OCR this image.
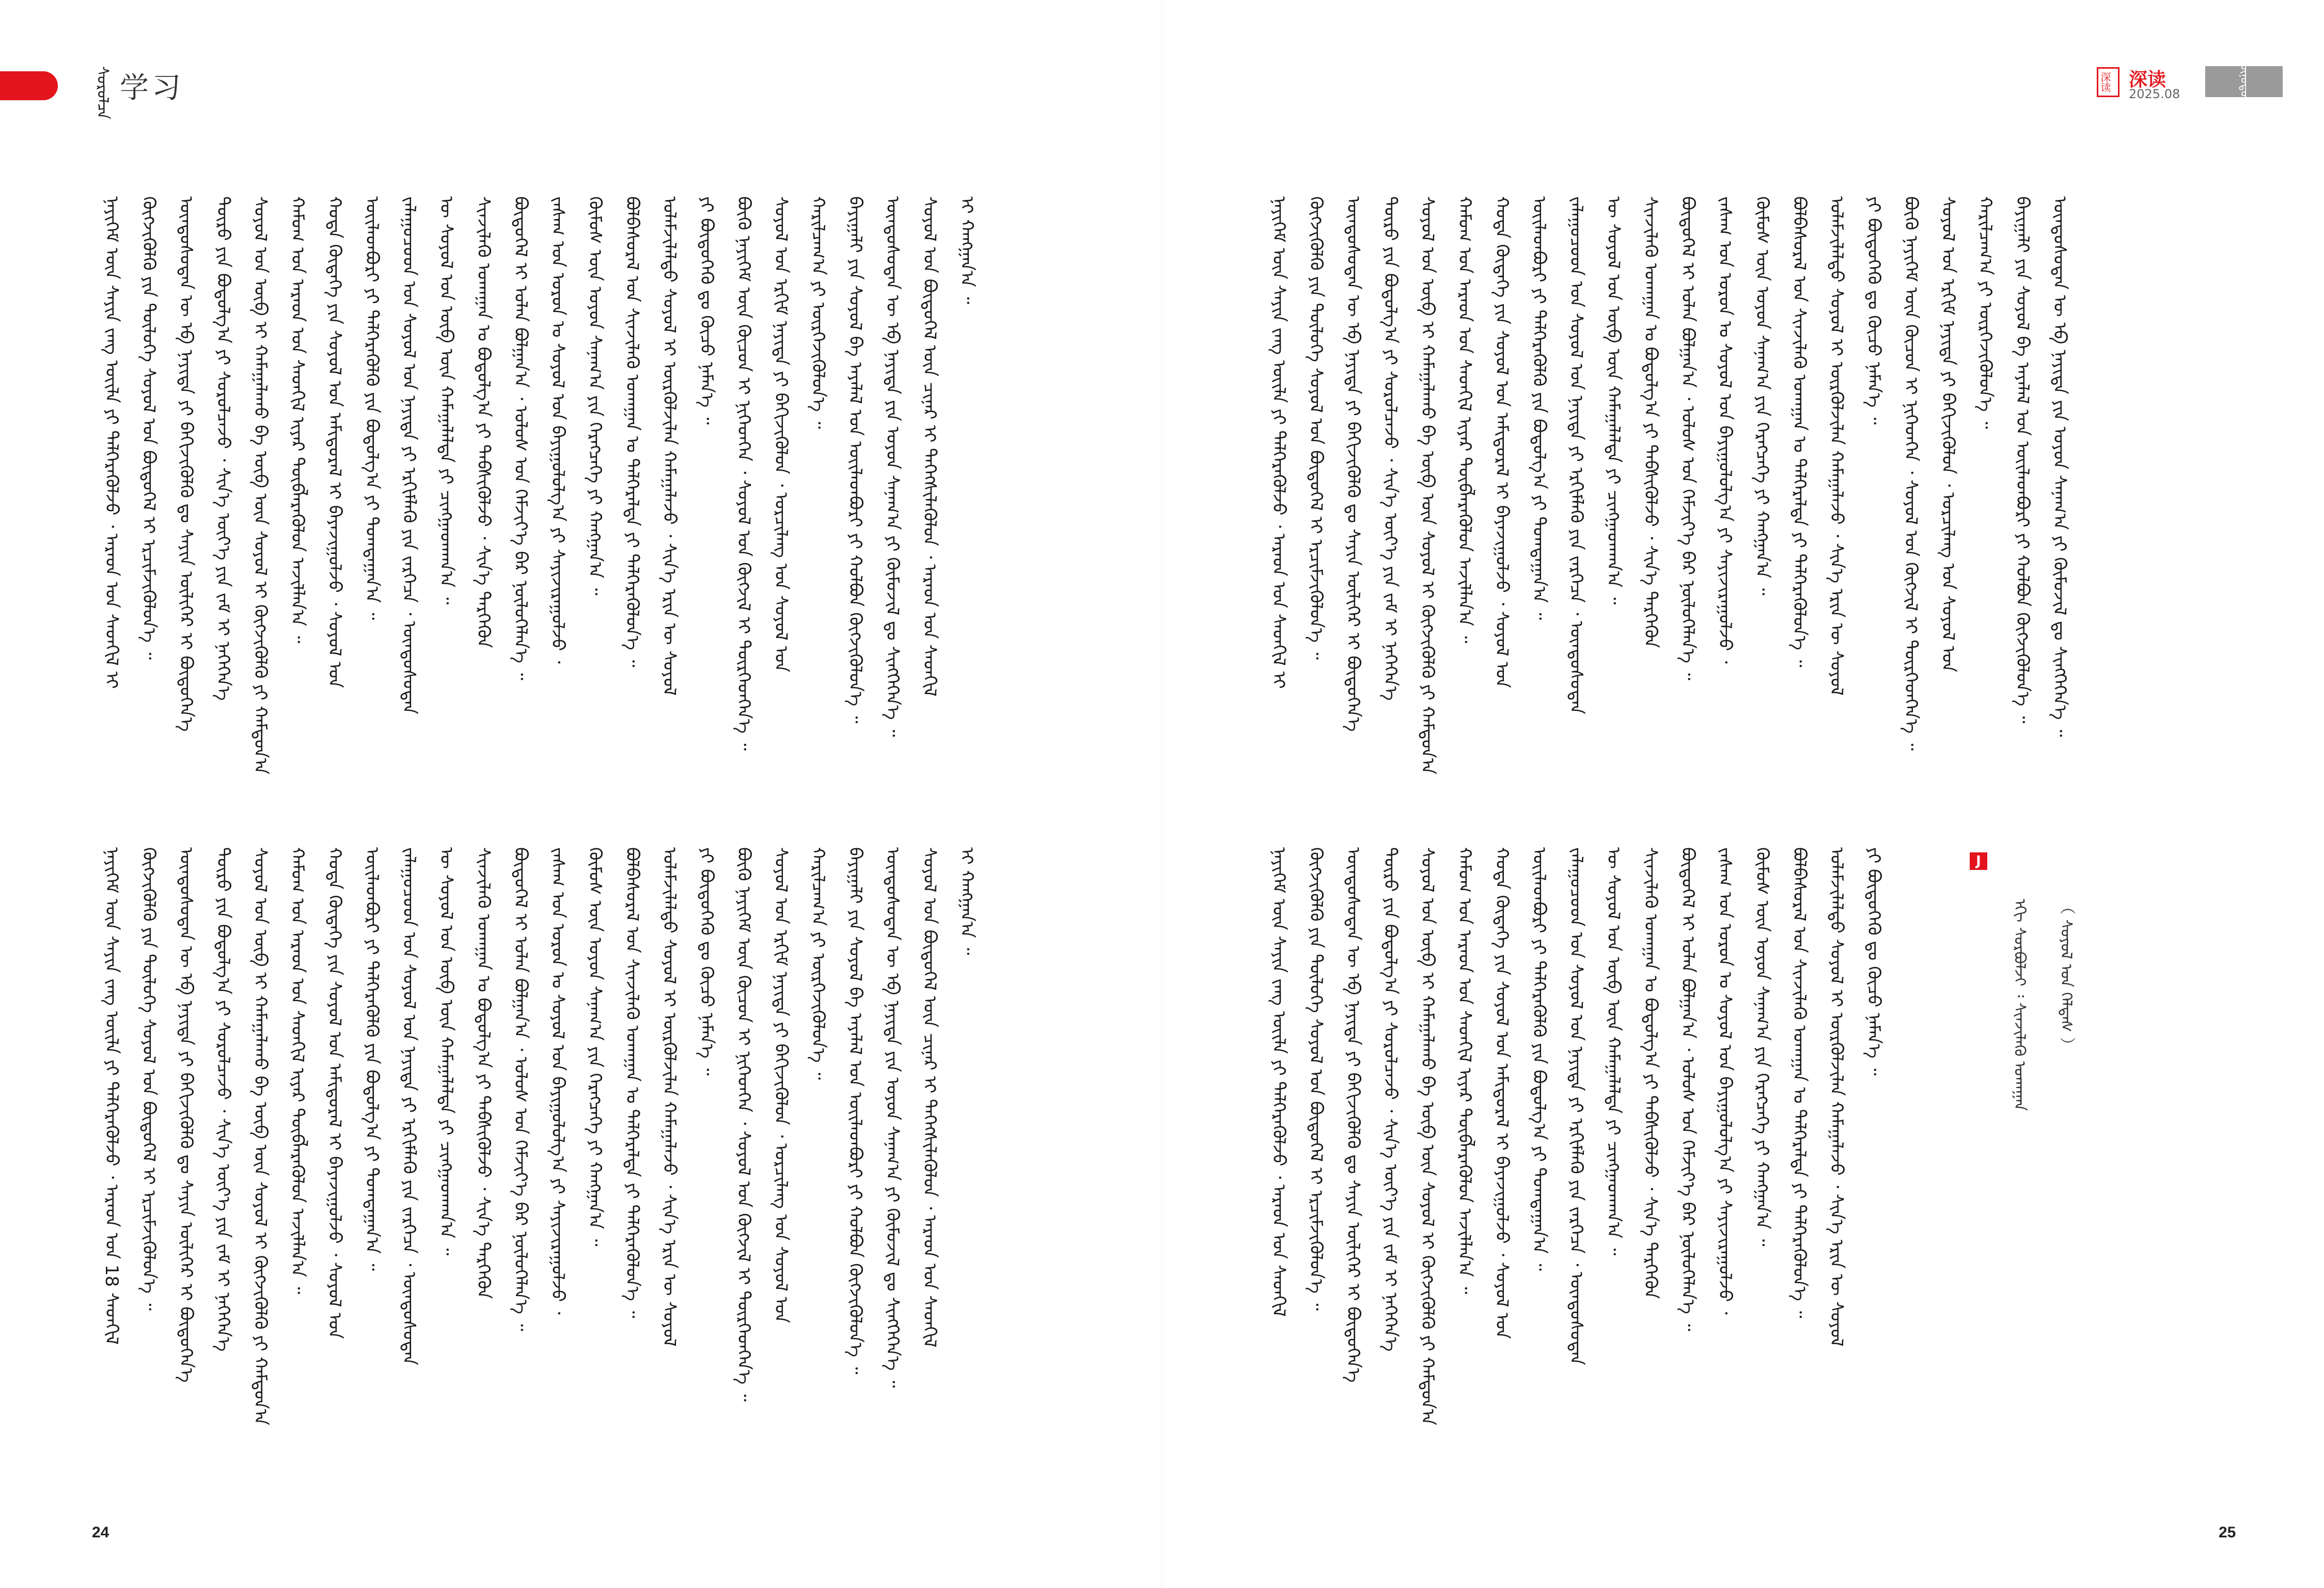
ᠰᠤᠷᠤᠯᠴᠠ 学习	深读 深读
2025.08	ᠥᠨᠥᠳᠥᠷ
ᠨᠡᠶᠢᠭᠡᠮ ᠦᠨ ᠰᠠᠶᠢᠨ ᠵᠠᠩ ᠦᠢᠯᠡ ᠶᠢ ᠳᠡᠯᠭᠡᠷᠡᠭᠦᠯᠵᠦ ᠂ ᠠᠷᠠᠳ ᠤᠨ ᠰᠡᠳᠬᠢᠯ ᠢ ᠬᠥᠭᠵᠢᠭᠦᠯᠬᠦ ᠶᠢᠨ ᠲᠥᠯᠥᠭᠡ ᠰᠣᠶᠣᠯ ᠤᠨ ᠪᠦᠲᠦᠭᠡᠯ ᠢ ᠡᠷᠴᠢᠮᠵᠢᠭᠦᠯᠦᠨ᠎ᠡ ᠃ ᠦᠨᠳᠦᠰᠦᠲᠡᠨ ᠦ ᠡᠪ ᠨᠡᠶᠢᠲᠡ ᠶᠢ ᠪᠡᠬᠢᠵᠢᠭᠦᠯᠬᠦ ᠳᠤ ᠰᠠᠶᠢᠨ ᠦᠯᠢᠭᠡᠷ ᠢ ᠪᠦᠲᠦᠭᠡᠨ᠎ᠡ ᠲᠥᠷᠥ ᠶᠢᠨ ᠪᠣᠳᠤᠯᠭ᠎ᠠ ᠶᠢ ᠰᠤᠷᠤᠯᠴᠠᠵᠤ ᠂ ᠰᠢᠨ᠎ᠡ ᠦᠶ᠎ᠡ ᠶᠢᠨ ᠵᠠᠮ ᠢ ᠨᠡᠭᠡᠭᠡᠨ᠎ᠡ ᠰᠣᠶᠣᠯ ᠤᠨ ᠥᠪ ᠢ ᠬᠠᠮᠠᠭᠠᠯᠠᠬᠤ ᠪᠠ ᠥᠪ ᠦᠨ ᠰᠣᠶᠣᠯ ᠢ ᠬᠥᠭᠵᠢᠭᠦᠯᠬᠦ ᠶᠢ ᠬᠠᠮᠳᠤᠨ᠎ᠠ ᠬᠠᠮᠤᠭ ᠤᠨ ᠠᠷᠠᠳ ᠤᠨ ᠰᠡᠳᠬᠢᠯ ᠢᠶᠡᠷ ᠲᠥᠪᠯᠡᠷᠡᠭᠦᠯᠦᠨ ᠠᠵᠢᠯᠯᠠᠨ᠎ᠠ ᠃ ᠬᠣᠲᠠ ᠬᠥᠳᠡᠭᠡ ᠶᠢᠨ ᠰᠣᠶᠣᠯ ᠤᠨ ᠠᠮᠢᠳᠤᠷᠠᠯ ᠢ ᠪᠠᠶᠠᠵᠢᠭᠤᠯᠵᠤ ᠂ ᠰᠣᠶᠣᠯ ᠤᠨ ᠦᠢᠯᠡᠳᠪᠦᠷᠢ ᠶᠢ ᠲᠡᠯᠭᠡᠷᠡᠭᠦᠯᠬᠦ ᠶᠢᠨ ᠪᠣᠳᠣᠯᠭ᠎ᠠ ᠶᠢ ᠲᠣᠭᠲᠠᠭᠠᠨ᠎ᠠ ᠃ ᠵᠠᠯᠠᠭᠤᠴᠤᠳ ᠤᠨ ᠰᠣᠶᠣᠯ ᠤᠨ ᠨᠡᠶᠢᠲᠡ ᠶᠢ ᠡᠷᠬᠢᠮᠯᠡᠬᠦ ᠶᠢᠨ ᠵᠡᠷᠭᠡᠴᠡ ᠂ ᠦᠨᠳᠦᠰᠦᠲᠡᠨ ᠦ ᠰᠣᠶᠣᠯ ᠤᠨ ᠥᠪ ᠦᠨ ᠬᠠᠮᠠᠭᠠᠯᠠᠯᠲᠠ ᠶᠢ ᠴᠢᠩᠭᠠᠳᠬᠠᠨ᠎ᠠ ᠃ ᠰᠢᠨᠵᠢᠯᠡᠬᠦ ᠤᠬᠠᠭᠠᠨ ᠤ ᠪᠣᠳᠤᠯᠭ᠎ᠠ ᠶᠢ ᠳᠡᠪᠰᠢᠭᠦᠯᠵᠦ ᠂ ᠰᠢᠨ᠎ᠡ ᠲᠡᠷᠭᠡᠭᠦᠨ ᠪᠦᠲᠦᠭᠡᠯ ᠢ ᠣᠯᠠᠨ ᠪᠣᠯᠭᠠᠨ᠎ᠠ ᠂ ᠤᠯᠤᠰ ᠤᠨ ᠬᠡᠮᠵᠢᠶ᠎ᠡ ᠪᠡᠷ ᠨᠥᠯᠥᠭᠡᠯᠡᠨ᠎ᠡ ᠃ ᠵᠠᠰᠠᠭ ᠤᠨ ᠣᠷᠣᠨ ᠤ ᠰᠣᠶᠣᠯ ᠤᠨ ᠪᠠᠶᠢᠭᠤᠯᠤᠯᠭ᠎ᠠ ᠶᠢ ᠰᠠᠶᠢᠵᠢᠷᠠᠭᠤᠯᠵᠤ ᠂ ᠬᠦᠮᠦᠰ ᠦᠨ ᠣᠶᠤᠨ ᠰᠠᠨᠠᠭ᠎ᠠ ᠶᠢᠨ ᠬᠡᠷᠡᠭᠴᠡᠭᠡ ᠶᠢ ᠬᠠᠩᠭᠠᠨ᠎ᠠ ᠃ ᠪᠣᠯᠪᠠᠰᠤᠷᠠᠯ ᠤᠨ ᠰᠢᠨᠵᠢᠯᠡᠬᠦ ᠤᠬᠠᠭᠠᠨ ᠤ ᠳᠡᠯᠭᠡᠷᠡᠯᠲᠡ ᠶᠢ ᠲᠡᠯᠭᠡᠷᠡᠭᠦᠯᠦᠨ᠎ᠡ ᠃ ᠤᠯᠠᠮᠵᠢᠯᠠᠯᠲᠤ ᠰᠣᠶᠣᠯ ᠢ ᠦᠷᠭᠦᠯᠵᠢᠯᠡᠨ ᠬᠠᠮᠠᠭᠠᠯᠠᠵᠤ ᠂ ᠰᠢᠨ᠎ᠡ ᠡᠷᠢᠨ ᠦ ᠰᠣᠶᠣᠯ ᠶᠢ ᠪᠦᠲᠦᠭᠡᠬᠦ ᠳᠤ ᠬᠦᠴᠦ ᠨᠡᠮᠡᠨ᠎ᠡ ᠃ ᠪᠦᠬᠦ ᠨᠡᠶᠢᠭᠡᠮ ᠦᠨ ᠬᠦᠴᠦᠨ ᠢ ᠨᠢᠭᠡᠳᠬᠡᠨ ᠂ ᠰᠣᠶᠣᠯ ᠤᠨ ᠬᠥᠭᠵᠢᠯ ᠢ ᠲᠦᠷᠭᠡᠳᠬᠡᠨ᠎ᠡ ᠃ ᠰᠣᠶᠣᠯ ᠤᠨ ᠡᠷᠬᠢᠮ ᠨᠡᠶᠢᠲᠡ ᠶᠢ ᠪᠡᠬᠢᠵᠢᠭᠦᠯᠦᠨ ᠂ ᠣᠷᠴᠢᠯᠠᠩ ᠤᠨ ᠰᠣᠶᠣᠯ ᠤᠨ ᠬᠠᠷᠢᠯᠴᠠᠭ᠎ᠠ ᠶᠢ ᠥᠷᠭᠡᠵᠢᠭᠦᠯᠦᠨ᠎ᠡ ᠃ ᠪᠠᠶᠢᠭᠠᠯᠢ ᠶᠢᠨ ᠰᠣᠶᠣᠯ ᠪᠠ ᠠᠶᠠᠯᠠᠯ ᠤᠨ ᠦᠢᠯᠡᠳᠪᠦᠷᠢ ᠶᠢ ᠬᠣᠯᠪᠣᠨ ᠬᠥᠭᠵᠢᠭᠦᠯᠦᠨ᠎ᠡ ᠃ ᠦᠨᠳᠦᠰᠦᠲᠡᠨ ᠦ ᠡᠪ ᠨᠡᠶᠢᠲᠡ ᠶᠢᠨ ᠣᠶᠤᠨ ᠰᠠᠨᠠᠭ᠎ᠠ ᠶᠢ ᠬᠦᠮᠦᠵᠢᠯ ᠳᠤ ᠰᠢᠩᠭᠡᠭᠡᠨ᠎ᠡ ᠃ ᠰᠣᠶᠣᠯ ᠤᠨ ᠪᠦᠲᠦᠭᠡᠯ ᠦᠨ ᠴᠢᠨᠠᠷ ᠢ ᠳᠡᠭᠡᠭᠰᠢᠯᠡᠭᠦᠯᠦᠨ ᠂ ᠠᠷᠠᠳ ᠤᠨ ᠰᠡᠳᠬᠢᠯ ᠢ ᠬᠠᠩᠭᠠᠨ᠎ᠠ ᠃
ᠨᠡᠶᠢᠭᠡᠮ ᠦᠨ ᠰᠠᠶᠢᠨ ᠵᠠᠩ ᠦᠢᠯᠡ ᠶᠢ ᠳᠡᠯᠭᠡᠷᠡᠭᠦᠯᠵᠦ ᠂ ᠠᠷᠠᠳ ᠤᠨ 18 ᠰᠡᠳᠬᠢᠯ ᠬᠥᠭᠵᠢᠭᠦᠯᠬᠦ ᠶᠢᠨ ᠲᠥᠯᠥᠭᠡ ᠰᠣᠶᠣᠯ ᠤᠨ ᠪᠦᠲᠦᠭᠡᠯ ᠢ ᠡᠷᠴᠢᠮᠵᠢᠭᠦᠯᠦᠨ᠎ᠡ ᠃ ᠦᠨᠳᠦᠰᠦᠲᠡᠨ ᠦ ᠡᠪ ᠨᠡᠶᠢᠲᠡ ᠶᠢ ᠪᠡᠬᠢᠵᠢᠭᠦᠯᠬᠦ ᠳᠤ ᠰᠠᠶᠢᠨ ᠦᠯᠢᠭᠡᠷ ᠢ ᠪᠦᠲᠦᠭᠡᠨ᠎ᠡ ᠲᠥᠷᠥ ᠶᠢᠨ ᠪᠣᠳᠤᠯᠭ᠎ᠠ ᠶᠢ ᠰᠤᠷᠤᠯᠴᠠᠵᠤ ᠂ ᠰᠢᠨ᠎ᠡ ᠦᠶ᠎ᠡ ᠶᠢᠨ ᠵᠠᠮ ᠢ ᠨᠡᠭᠡᠭᠡᠨ᠎ᠡ ᠰᠣᠶᠣᠯ ᠤᠨ ᠥᠪ ᠢ ᠬᠠᠮᠠᠭᠠᠯᠠᠬᠤ ᠪᠠ ᠥᠪ ᠦᠨ ᠰᠣᠶᠣᠯ ᠢ ᠬᠥᠭᠵᠢᠭᠦᠯᠬᠦ ᠶᠢ ᠬᠠᠮᠳᠤᠨ᠎ᠠ ᠬᠠᠮᠤᠭ ᠤᠨ ᠠᠷᠠᠳ ᠤᠨ ᠰᠡᠳᠬᠢᠯ ᠢᠶᠡᠷ ᠲᠥᠪᠯᠡᠷᠡᠭᠦᠯᠦᠨ ᠠᠵᠢᠯᠯᠠᠨ᠎ᠠ ᠃ ᠬᠣᠲᠠ ᠬᠥᠳᠡᠭᠡ ᠶᠢᠨ ᠰᠣᠶᠣᠯ ᠤᠨ ᠠᠮᠢᠳᠤᠷᠠᠯ ᠢ ᠪᠠᠶᠠᠵᠢᠭᠤᠯᠵᠤ ᠂ ᠰᠣᠶᠣᠯ ᠤᠨ ᠦᠢᠯᠡᠳᠪᠦᠷᠢ ᠶᠢ ᠲᠡᠯᠭᠡᠷᠡᠭᠦᠯᠬᠦ ᠶᠢᠨ ᠪᠣᠳᠣᠯᠭ᠎ᠠ ᠶᠢ ᠲᠣᠭᠲᠠᠭᠠᠨ᠎ᠠ ᠃ ᠵᠠᠯᠠᠭᠤᠴᠤᠳ ᠤᠨ ᠰᠣᠶᠣᠯ ᠤᠨ ᠨᠡᠶᠢᠲᠡ ᠶᠢ ᠡᠷᠬᠢᠮᠯᠡᠬᠦ ᠶᠢᠨ ᠵᠡᠷᠭᠡᠴᠡ ᠂ ᠦᠨᠳᠦᠰᠦᠲᠡᠨ ᠦ ᠰᠣᠶᠣᠯ ᠤᠨ ᠥᠪ ᠦᠨ ᠬᠠᠮᠠᠭᠠᠯᠠᠯᠲᠠ ᠶᠢ ᠴᠢᠩᠭᠠᠳᠬᠠᠨ᠎ᠠ ᠃ ᠰᠢᠨᠵᠢᠯᠡᠬᠦ ᠤᠬᠠᠭᠠᠨ ᠤ ᠪᠣᠳᠤᠯᠭ᠎ᠠ ᠶᠢ ᠳᠡᠪᠰᠢᠭᠦᠯᠵᠦ ᠂ ᠰᠢᠨ᠎ᠡ ᠲᠡᠷᠭᠡᠭᠦᠨ ᠪᠦᠲᠦᠭᠡᠯ ᠢ ᠣᠯᠠᠨ ᠪᠣᠯᠭᠠᠨ᠎ᠠ ᠂ ᠤᠯᠤᠰ ᠤᠨ ᠬᠡᠮᠵᠢᠶ᠎ᠡ ᠪᠡᠷ ᠨᠥᠯᠥᠭᠡᠯᠡᠨ᠎ᠡ ᠃ ᠵᠠᠰᠠᠭ ᠤᠨ ᠣᠷᠣᠨ ᠤ ᠰᠣᠶᠣᠯ ᠤᠨ ᠪᠠᠶᠢᠭᠤᠯᠤᠯᠭ᠎ᠠ ᠶᠢ ᠰᠠᠶᠢᠵᠢᠷᠠᠭᠤᠯᠵᠤ ᠂ ᠬᠦᠮᠦᠰ ᠦᠨ ᠣᠶᠤᠨ ᠰᠠᠨᠠᠭ᠎ᠠ ᠶᠢᠨ ᠬᠡᠷᠡᠭᠴᠡᠭᠡ ᠶᠢ ᠬᠠᠩᠭᠠᠨ᠎ᠠ ᠃ ᠪᠣᠯᠪᠠᠰᠤᠷᠠᠯ ᠤᠨ ᠰᠢᠨᠵᠢᠯᠡᠬᠦ ᠤᠬᠠᠭᠠᠨ ᠤ ᠳᠡᠯᠭᠡᠷᠡᠯᠲᠡ ᠶᠢ ᠲᠡᠯᠭᠡᠷᠡᠭᠦᠯᠦᠨ᠎ᠡ ᠃ ᠤᠯᠠᠮᠵᠢᠯᠠᠯᠲᠤ ᠰᠣᠶᠣᠯ ᠢ ᠦᠷᠭᠦᠯᠵᠢᠯᠡᠨ ᠬᠠᠮᠠᠭᠠᠯᠠᠵᠤ ᠂ ᠰᠢᠨ᠎ᠡ ᠡᠷᠢᠨ ᠦ ᠰᠣᠶᠣᠯ ᠶᠢ ᠪᠦᠲᠦᠭᠡᠬᠦ ᠳᠤ ᠬᠦᠴᠦ ᠨᠡᠮᠡᠨ᠎ᠡ ᠃ ᠪᠦᠬᠦ ᠨᠡᠶᠢᠭᠡᠮ ᠦᠨ ᠬᠦᠴᠦᠨ ᠢ ᠨᠢᠭᠡᠳᠬᠡᠨ ᠂ ᠰᠣᠶᠣᠯ ᠤᠨ ᠬᠥᠭᠵᠢᠯ ᠢ ᠲᠦᠷᠭᠡᠳᠬᠡᠨ᠎ᠡ ᠃ ᠰᠣᠶᠣᠯ ᠤᠨ ᠡᠷᠬᠢᠮ ᠨᠡᠶᠢᠲᠡ ᠶᠢ ᠪᠡᠬᠢᠵᠢᠭᠦᠯᠦᠨ ᠂ ᠣᠷᠴᠢᠯᠠᠩ ᠤᠨ ᠰᠣᠶᠣᠯ ᠤᠨ ᠬᠠᠷᠢᠯᠴᠠᠭ᠎ᠠ ᠶᠢ ᠥᠷᠭᠡᠵᠢᠭᠦᠯᠦᠨ᠎ᠡ ᠃ ᠪᠠᠶᠢᠭᠠᠯᠢ ᠶᠢᠨ ᠰᠣᠶᠣᠯ ᠪᠠ ᠠᠶᠠᠯᠠᠯ ᠤᠨ ᠦᠢᠯᠡᠳᠪᠦᠷᠢ ᠶᠢ ᠬᠣᠯᠪᠣᠨ ᠬᠥᠭᠵᠢᠭᠦᠯᠦᠨ᠎ᠡ ᠃ ᠦᠨᠳᠦᠰᠦᠲᠡᠨ ᠦ ᠡᠪ ᠨᠡᠶᠢᠲᠡ ᠶᠢᠨ ᠣᠶᠤᠨ ᠰᠠᠨᠠᠭ᠎ᠠ ᠶᠢ ᠬᠦᠮᠦᠵᠢᠯ ᠳᠤ ᠰᠢᠩᠭᠡᠭᠡᠨ᠎ᠡ ᠃ ᠰᠣᠶᠣᠯ ᠤᠨ ᠪᠦᠲᠦᠭᠡᠯ ᠦᠨ ᠴᠢᠨᠠᠷ ᠢ ᠳᠡᠭᠡᠭᠰᠢᠯᠡᠭᠦᠯᠦᠨ ᠂ ᠠᠷᠠᠳ ᠤᠨ ᠰᠡᠳᠬᠢᠯ ᠢ ᠬᠠᠩᠭᠠᠨ᠎ᠠ ᠃
ᠨᠡᠶᠢᠭᠡᠮ ᠦᠨ ᠰᠠᠶᠢᠨ ᠵᠠᠩ ᠦᠢᠯᠡ ᠶᠢ ᠳᠡᠯᠭᠡᠷᠡᠭᠦᠯᠵᠦ ᠂ ᠠᠷᠠᠳ ᠤᠨ ᠰᠡᠳᠬᠢᠯ ᠢ ᠬᠥᠭᠵᠢᠭᠦᠯᠬᠦ ᠶᠢᠨ ᠲᠥᠯᠥᠭᠡ ᠰᠣᠶᠣᠯ ᠤᠨ ᠪᠦᠲᠦᠭᠡᠯ ᠢ ᠡᠷᠴᠢᠮᠵᠢᠭᠦᠯᠦᠨ᠎ᠡ ᠃ ᠦᠨᠳᠦᠰᠦᠲᠡᠨ ᠦ ᠡᠪ ᠨᠡᠶᠢᠲᠡ ᠶᠢ ᠪᠡᠬᠢᠵᠢᠭᠦᠯᠬᠦ ᠳᠤ ᠰᠠᠶᠢᠨ ᠦᠯᠢᠭᠡᠷ ᠢ ᠪᠦᠲᠦᠭᠡᠨ᠎ᠡ ᠲᠥᠷᠥ ᠶᠢᠨ ᠪᠣᠳᠤᠯᠭ᠎ᠠ ᠶᠢ ᠰᠤᠷᠤᠯᠴᠠᠵᠤ ᠂ ᠰᠢᠨ᠎ᠡ ᠦᠶ᠎ᠡ ᠶᠢᠨ ᠵᠠᠮ ᠢ ᠨᠡᠭᠡᠭᠡᠨ᠎ᠡ ᠰᠣᠶᠣᠯ ᠤᠨ ᠥᠪ ᠢ ᠬᠠᠮᠠᠭᠠᠯᠠᠬᠤ ᠪᠠ ᠥᠪ ᠦᠨ ᠰᠣᠶᠣᠯ ᠢ ᠬᠥᠭᠵᠢᠭᠦᠯᠬᠦ ᠶᠢ ᠬᠠᠮᠳᠤᠨ᠎ᠠ ᠬᠠᠮᠤᠭ ᠤᠨ ᠠᠷᠠᠳ ᠤᠨ ᠰᠡᠳᠬᠢᠯ ᠢᠶᠡᠷ ᠲᠥᠪᠯᠡᠷᠡᠭᠦᠯᠦᠨ ᠠᠵᠢᠯᠯᠠᠨ᠎ᠠ ᠃ ᠬᠣᠲᠠ ᠬᠥᠳᠡᠭᠡ ᠶᠢᠨ ᠰᠣᠶᠣᠯ ᠤᠨ ᠠᠮᠢᠳᠤᠷᠠᠯ ᠢ ᠪᠠᠶᠠᠵᠢᠭᠤᠯᠵᠤ ᠂ ᠰᠣᠶᠣᠯ ᠤᠨ ᠦᠢᠯᠡᠳᠪᠦᠷᠢ ᠶᠢ ᠲᠡᠯᠭᠡᠷᠡᠭᠦᠯᠬᠦ ᠶᠢᠨ ᠪᠣᠳᠣᠯᠭ᠎ᠠ ᠶᠢ ᠲᠣᠭᠲᠠᠭᠠᠨ᠎ᠠ ᠃ ᠵᠠᠯᠠᠭᠤᠴᠤᠳ ᠤᠨ ᠰᠣᠶᠣᠯ ᠤᠨ ᠨᠡᠶᠢᠲᠡ ᠶᠢ ᠡᠷᠬᠢᠮᠯᠡᠬᠦ ᠶᠢᠨ ᠵᠡᠷᠭᠡᠴᠡ ᠂ ᠦᠨᠳᠦᠰᠦᠲᠡᠨ ᠦ ᠰᠣᠶᠣᠯ ᠤᠨ ᠥᠪ ᠦᠨ ᠬᠠᠮᠠᠭᠠᠯᠠᠯᠲᠠ ᠶᠢ ᠴᠢᠩᠭᠠᠳᠬᠠᠨ᠎ᠠ ᠃ ᠰᠢᠨᠵᠢᠯᠡᠬᠦ ᠤᠬᠠᠭᠠᠨ ᠤ ᠪᠣᠳᠤᠯᠭ᠎ᠠ ᠶᠢ ᠳᠡᠪᠰᠢᠭᠦᠯᠵᠦ ᠂ ᠰᠢᠨ᠎ᠡ ᠲᠡᠷᠭᠡᠭᠦᠨ ᠪᠦᠲᠦᠭᠡᠯ ᠢ ᠣᠯᠠᠨ ᠪᠣᠯᠭᠠᠨ᠎ᠠ ᠂ ᠤᠯᠤᠰ ᠤᠨ ᠬᠡᠮᠵᠢᠶ᠎ᠡ ᠪᠡᠷ ᠨᠥᠯᠥᠭᠡᠯᠡᠨ᠎ᠡ ᠃ ᠵᠠᠰᠠᠭ ᠤᠨ ᠣᠷᠣᠨ ᠤ ᠰᠣᠶᠣᠯ ᠤᠨ ᠪᠠᠶᠢᠭᠤᠯᠤᠯᠭ᠎ᠠ ᠶᠢ ᠰᠠᠶᠢᠵᠢᠷᠠᠭᠤᠯᠵᠤ ᠂ ᠬᠦᠮᠦᠰ ᠦᠨ ᠣᠶᠤᠨ ᠰᠠᠨᠠᠭ᠎ᠠ ᠶᠢᠨ ᠬᠡᠷᠡᠭᠴᠡᠭᠡ ᠶᠢ ᠬᠠᠩᠭᠠᠨ᠎ᠠ ᠃ ᠪᠣᠯᠪᠠᠰᠤᠷᠠᠯ ᠤᠨ ᠰᠢᠨᠵᠢᠯᠡᠬᠦ ᠤᠬᠠᠭᠠᠨ ᠤ ᠳᠡᠯᠭᠡᠷᠡᠯᠲᠡ ᠶᠢ ᠲᠡᠯᠭᠡᠷᠡᠭᠦᠯᠦᠨ᠎ᠡ ᠃ ᠤᠯᠠᠮᠵᠢᠯᠠᠯᠲᠤ ᠰᠣᠶᠣᠯ ᠢ ᠦᠷᠭᠦᠯᠵᠢᠯᠡᠨ ᠬᠠᠮᠠᠭᠠᠯᠠᠵᠤ ᠂ ᠰᠢᠨ᠎ᠡ ᠡᠷᠢᠨ ᠦ ᠰᠣᠶᠣᠯ ᠶᠢ ᠪᠦᠲᠦᠭᠡᠬᠦ ᠳᠤ ᠬᠦᠴᠦ ᠨᠡᠮᠡᠨ᠎ᠡ ᠃ ᠪᠦᠬᠦ ᠨᠡᠶᠢᠭᠡᠮ ᠦᠨ ᠬᠦᠴᠦᠨ ᠢ ᠨᠢᠭᠡᠳᠬᠡᠨ ᠂ ᠰᠣᠶᠣᠯ ᠤᠨ ᠬᠥᠭᠵᠢᠯ ᠢ ᠲᠦᠷᠭᠡᠳᠬᠡᠨ᠎ᠡ ᠃ ᠰᠣᠶᠣᠯ ᠤᠨ ᠡᠷᠬᠢᠮ ᠨᠡᠶᠢᠲᠡ ᠶᠢ ᠪᠡᠬᠢᠵᠢᠭᠦᠯᠦᠨ ᠂ ᠣᠷᠴᠢᠯᠠᠩ ᠤᠨ ᠰᠣᠶᠣᠯ ᠤᠨ ᠬᠠᠷᠢᠯᠴᠠᠭ᠎ᠠ ᠶᠢ ᠥᠷᠭᠡᠵᠢᠭᠦᠯᠦᠨ᠎ᠡ ᠃ ᠪᠠᠶᠢᠭᠠᠯᠢ ᠶᠢᠨ ᠰᠣᠶᠣᠯ ᠪᠠ ᠠᠶᠠᠯᠠᠯ ᠤᠨ ᠦᠢᠯᠡᠳᠪᠦᠷᠢ ᠶᠢ ᠬᠣᠯᠪᠣᠨ ᠬᠥᠭᠵᠢᠭᠦᠯᠦᠨ᠎ᠡ ᠃ ᠦᠨᠳᠦᠰᠦᠲᠡᠨ ᠦ ᠡᠪ ᠨᠡᠶᠢᠲᠡ ᠶᠢᠨ ᠣᠶᠤᠨ ᠰᠠᠨᠠᠭ᠎ᠠ ᠶᠢ ᠬᠦᠮᠦᠵᠢᠯ ᠳᠤ ᠰᠢᠩᠭᠡᠭᠡᠨ᠎ᠡ ᠃
ᠨᠡᠶᠢᠭᠡᠮ ᠦᠨ ᠰᠠᠶᠢᠨ ᠵᠠᠩ ᠦᠢᠯᠡ ᠶᠢ ᠳᠡᠯᠭᠡᠷᠡᠭᠦᠯᠵᠦ ᠂ ᠠᠷᠠᠳ ᠤᠨ ᠰᠡᠳᠬᠢᠯ ᠬᠥᠭᠵᠢᠭᠦᠯᠬᠦ ᠶᠢᠨ ᠲᠥᠯᠥᠭᠡ ᠰᠣᠶᠣᠯ ᠤᠨ ᠪᠦᠲᠦᠭᠡᠯ ᠢ ᠡᠷᠴᠢᠮᠵᠢᠭᠦᠯᠦᠨ᠎ᠡ ᠃ ᠦᠨᠳᠦᠰᠦᠲᠡᠨ ᠦ ᠡᠪ ᠨᠡᠶᠢᠲᠡ ᠶᠢ ᠪᠡᠬᠢᠵᠢᠭᠦᠯᠬᠦ ᠳᠤ ᠰᠠᠶᠢᠨ ᠦᠯᠢᠭᠡᠷ ᠢ ᠪᠦᠲᠦᠭᠡᠨ᠎ᠡ ᠲᠥᠷᠥ ᠶᠢᠨ ᠪᠣᠳᠤᠯᠭ᠎ᠠ ᠶᠢ ᠰᠤᠷᠤᠯᠴᠠᠵᠤ ᠂ ᠰᠢᠨ᠎ᠡ ᠦᠶ᠎ᠡ ᠶᠢᠨ ᠵᠠᠮ ᠢ ᠨᠡᠭᠡᠭᠡᠨ᠎ᠡ ᠰᠣᠶᠣᠯ ᠤᠨ ᠥᠪ ᠢ ᠬᠠᠮᠠᠭᠠᠯᠠᠬᠤ ᠪᠠ ᠥᠪ ᠦᠨ ᠰᠣᠶᠣᠯ ᠢ ᠬᠥᠭᠵᠢᠭᠦᠯᠬᠦ ᠶᠢ ᠬᠠᠮᠳᠤᠨ᠎ᠠ ᠬᠠᠮᠤᠭ ᠤᠨ ᠠᠷᠠᠳ ᠤᠨ ᠰᠡᠳᠬᠢᠯ ᠢᠶᠡᠷ ᠲᠥᠪᠯᠡᠷᠡᠭᠦᠯᠦᠨ ᠠᠵᠢᠯᠯᠠᠨ᠎ᠠ ᠃ ᠬᠣᠲᠠ ᠬᠥᠳᠡᠭᠡ ᠶᠢᠨ ᠰᠣᠶᠣᠯ ᠤᠨ ᠠᠮᠢᠳᠤᠷᠠᠯ ᠢ ᠪᠠᠶᠠᠵᠢᠭᠤᠯᠵᠤ ᠂ ᠰᠣᠶᠣᠯ ᠤᠨ ᠦᠢᠯᠡᠳᠪᠦᠷᠢ ᠶᠢ ᠲᠡᠯᠭᠡᠷᠡᠭᠦᠯᠬᠦ ᠶᠢᠨ ᠪᠣᠳᠣᠯᠭ᠎ᠠ ᠶᠢ ᠲᠣᠭᠲᠠᠭᠠᠨ᠎ᠠ ᠃ ᠵᠠᠯᠠᠭᠤᠴᠤᠳ ᠤᠨ ᠰᠣᠶᠣᠯ ᠤᠨ ᠨᠡᠶᠢᠲᠡ ᠶᠢ ᠡᠷᠬᠢᠮᠯᠡᠬᠦ ᠶᠢᠨ ᠵᠡᠷᠭᠡᠴᠡ ᠂ ᠦᠨᠳᠦᠰᠦᠲᠡᠨ ᠦ ᠰᠣᠶᠣᠯ ᠤᠨ ᠥᠪ ᠦᠨ ᠬᠠᠮᠠᠭᠠᠯᠠᠯᠲᠠ ᠶᠢ ᠴᠢᠩᠭᠠᠳᠬᠠᠨ᠎ᠠ ᠃ ᠰᠢᠨᠵᠢᠯᠡᠬᠦ ᠤᠬᠠᠭᠠᠨ ᠤ ᠪᠣᠳᠤᠯᠭ᠎ᠠ ᠶᠢ ᠳᠡᠪᠰᠢᠭᠦᠯᠵᠦ ᠂ ᠰᠢᠨ᠎ᠡ ᠲᠡᠷᠭᠡᠭᠦᠨ ᠪᠦᠲᠦᠭᠡᠯ ᠢ ᠣᠯᠠᠨ ᠪᠣᠯᠭᠠᠨ᠎ᠠ ᠂ ᠤᠯᠤᠰ ᠤᠨ ᠬᠡᠮᠵᠢᠶ᠎ᠡ ᠪᠡᠷ ᠨᠥᠯᠥᠭᠡᠯᠡᠨ᠎ᠡ ᠃ ᠵᠠᠰᠠᠭ ᠤᠨ ᠣᠷᠣᠨ ᠤ ᠰᠣᠶᠣᠯ ᠤᠨ ᠪᠠᠶᠢᠭᠤᠯᠤᠯᠭ᠎ᠠ ᠶᠢ ᠰᠠᠶᠢᠵᠢᠷᠠᠭᠤᠯᠵᠤ ᠂ ᠬᠦᠮᠦᠰ ᠦᠨ ᠣᠶᠤᠨ ᠰᠠᠨᠠᠭ᠎ᠠ ᠶᠢᠨ ᠬᠡᠷᠡᠭᠴᠡᠭᠡ ᠶᠢ ᠬᠠᠩᠭᠠᠨ᠎ᠠ ᠃ ᠪᠣᠯᠪᠠᠰᠤᠷᠠᠯ ᠤᠨ ᠰᠢᠨᠵᠢᠯᠡᠬᠦ ᠤᠬᠠᠭᠠᠨ ᠤ ᠳᠡᠯᠭᠡᠷᠡᠯᠲᠡ ᠶᠢ ᠲᠡᠯᠭᠡᠷᠡᠭᠦᠯᠦᠨ᠎ᠡ ᠃ ᠤᠯᠠᠮᠵᠢᠯᠠᠯᠲᠤ ᠰᠣᠶᠣᠯ ᠢ ᠦᠷᠭᠦᠯᠵᠢᠯᠡᠨ ᠬᠠᠮᠠᠭᠠᠯᠠᠵᠤ ᠂ ᠰᠢᠨ᠎ᠡ ᠡᠷᠢᠨ ᠦ ᠰᠣᠶᠣᠯ ᠶᠢ ᠪᠦᠲᠦᠭᠡᠬᠦ ᠳᠤ ᠬᠦᠴᠦ ᠨᠡᠮᠡᠨ᠎ᠡ ᠃	J
ᠡᠬᠢ ᠰᠤᠷᠪᠤᠯᠵᠢ ᠄ ᠰᠢᠨᠵᠢᠯᠡᠬᠦ ᠤᠬᠠᠭᠠᠨ	（ ᠰᠣᠶᠣᠯ ᠤᠨ ᠬᠡᠯᠲᠡᠰ ）
24	25
